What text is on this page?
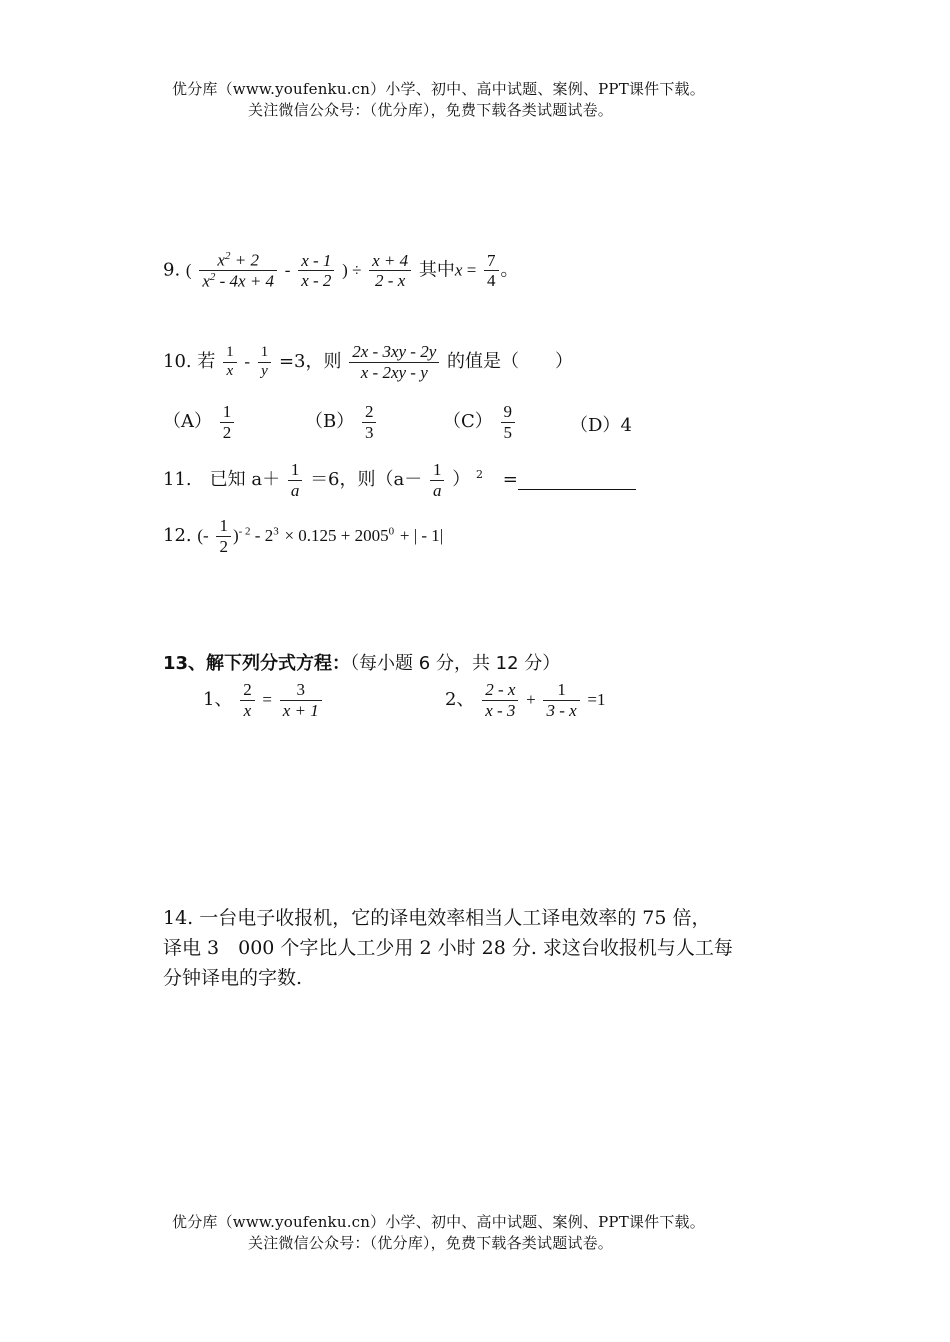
优分库（www.youfenku.cn）小学、初中、高中试题、案例、PPT课件下载。
关注微信公众号：（优分库），免费下载各类试题试卷。
9. ( $\frac{x^2 + 2}{x^2 - 4x + 4} - \frac{x - 1}{x - 2}$ ) ÷ $\frac{x + 4}{2 - x}$ 其中$x = \frac{7}{4}$ 。
10. 若 $\frac{1}{x} - \frac{1}{y} =3$，则 $\frac{2x - 3xy - 2y}{x - 2xy - y}$ 的值是（　　）
$(A) \frac{1}{2}$	$(B) \frac{2}{3}$	$(C) \frac{9}{5}$	（D）4
11.　已知 $a+ \frac{1}{a} =6$，则（$a- \frac{1}{a}$ ） $^2$ =
12. (- $\frac{1}{2} )^{- 2} - 2^3 \times 0.125 + 2005^0$ + | - 1|
13、解下列分式方程：（每小题 6 分，共 12 分）
1、 $\frac{2}{x} = \frac{3}{x + 1}$	2、 $\frac{2 - x}{x - 3} + \frac{1}{3 - x} =1$
14. 一台电子收报机，它的译电效率相当人工译电效率的 75 倍，
译电 3　000 个字比人工少用 2 小时 28 分. 求这台收报机与人工每
分钟译电的字数.
优分库（www.youfenku.cn）小学、初中、高中试题、案例、PPT课件下载。
关注微信公众号：（优分库），免费下载各类试题试卷。
